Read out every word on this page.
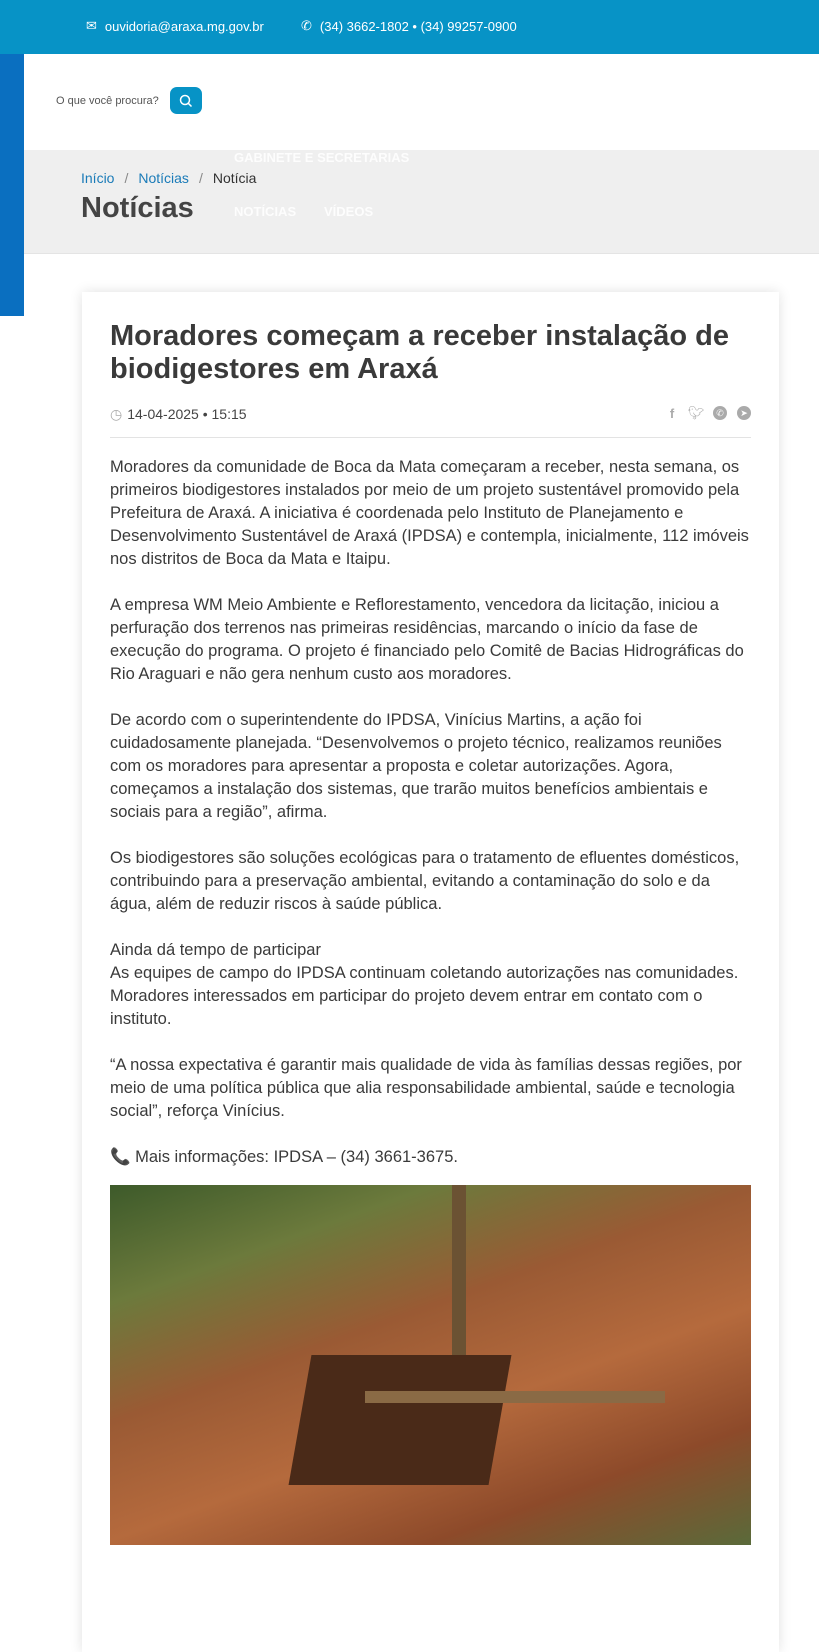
✉ ouvidoria@araxa.mg.gov.br	✆ (34) 3662-1802 • (34) 99257-0900
O que você procura?
GABINETE E SECRETARIAS
NOTÍCIAS VÍDEOS
Início / Notícias / Notícia
Notícias
Moradores começam a receber instalação de biodigestores em Araxá
◷ 14-04-2025 • 15:15	f	🐦︎	✆	➤

Moradores da comunidade de Boca da Mata começaram a receber, nesta semana, os primeiros biodigestores instalados por meio de um projeto sustentável promovido pela Prefeitura de Araxá. A iniciativa é coordenada pelo Instituto de Planejamento e Desenvolvimento Sustentável de Araxá (IPDSA) e contempla, inicialmente, 112 imóveis nos distritos de Boca da Mata e Itaipu.

A empresa WM Meio Ambiente e Reflorestamento, vencedora da licitação, iniciou a perfuração dos terrenos nas primeiras residências, marcando o início da fase de execução do programa. O projeto é financiado pelo Comitê de Bacias Hidrográficas do Rio Araguari e não gera nenhum custo aos moradores.

De acordo com o superintendente do IPDSA, Vinícius Martins, a ação foi cuidadosamente planejada. “Desenvolvemos o projeto técnico, realizamos reuniões com os moradores para apresentar a proposta e coletar autorizações. Agora, começamos a instalação dos sistemas, que trarão muitos benefícios ambientais e sociais para a região”, afirma.

Os biodigestores são soluções ecológicas para o tratamento de efluentes domésticos, contribuindo para a preservação ambiental, evitando a contaminação do solo e da água, além de reduzir riscos à saúde pública.

Ainda dá tempo de participar

As equipes de campo do IPDSA continuam coletando autorizações nas comunidades. Moradores interessados em participar do projeto devem entrar em contato com o instituto.

“A nossa expectativa é garantir mais qualidade de vida às famílias dessas regiões, por meio de uma política pública que alia responsabilidade ambiental, saúde e tecnologia social”, reforça Vinícius.

📞 Mais informações: IPDSA – (34) 3661-3675.
